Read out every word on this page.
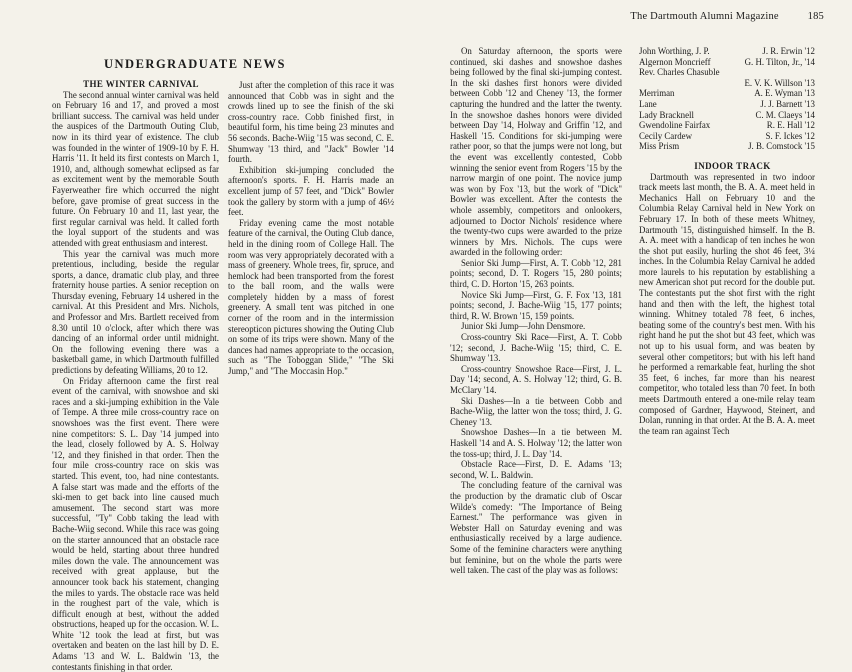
The Dartmouth Alumni Magazine	185
UNDERGRADUATE NEWS

THE WINTER CARNIVAL

The second annual winter carnival was held on February 16 and 17, and proved a most brilliant success. The carnival was held under the auspices of the Dartmouth Outing Club, now in its third year of existence. The club was founded in the winter of 1909-10 by F. H. Harris '11. It held its first contests on March 1, 1910, and, although somewhat eclipsed as far as excitement went by the memorable South Fayerweather fire which occurred the night before, gave promise of great success in the future. On February 10 and 11, last year, the first regular carnival was held. It called forth the loyal support of the students and was attended with great enthusiasm and interest.

This year the carnival was much more pretentious, including, beside the regular sports, a dance, dramatic club play, and three fraternity house parties. A senior reception on Thursday evening, February 14 ushered in the carnival. At this President and Mrs. Nichols, and Professor and Mrs. Bartlett received from 8.30 until 10 o'clock, after which there was dancing of an informal order until midnight. On the following evening there was a basketball game, in which Dartmouth fulfilled predictions by defeating Williams, 20 to 12.

On Friday afternoon came the first real event of the carnival, with snowshoe and ski races and a ski-jumping exhibition in the Vale of Tempe. A three mile cross-country race on snowshoes was the first event. There were nine competitors: S. L. Day '14 jumped into the lead, closely followed by A. S. Holway '12, and they finished in that order. Then the four mile cross-country race on skis was started. This event, too, had nine contestants. A false start was made and the efforts of the ski-men to get back into line caused much amusement. The second start was more successful, "Ty" Cobb taking the lead with Bache-Wiig second. While this race was going on the starter announced that an obstacle race would be held, starting about three hundred miles down the vale. The announcement was received with great applause, but the announcer took back his statement, changing the miles to yards. The obstacle race was held in the roughest part of the vale, which is difficult enough at best, without the added obstructions, heaped up for the occasion. W. L. White '12 took the lead at first, but was overtaken and beaten on the last hill by D. E. Adams '13 and W. L. Baldwin '13, the contestants finishing in that order.

Just after the completion of this race it was announced that Cobb was in sight and the crowds lined up to see the finish of the ski cross-country race. Cobb finished first, in beautiful form, his time being 23 minutes and 56 seconds. Bache-Wiig '15 was second, C. E. Shumway '13 third, and "Jack" Bowler '14 fourth.

Exhibition ski-jumping concluded the afternoon's sports. F. H. Harris made an excellent jump of 57 feet, and "Dick" Bowler took the gallery by storm with a jump of 46½ feet.

Friday evening came the most notable feature of the carnival, the Outing Club dance, held in the dining room of College Hall. The room was very appropriately decorated with a mass of greenery. Whole trees, fir, spruce, and hemlock had been transported from the forest to the ball room, and the walls were completely hidden by a mass of forest greenery. A small tent was pitched in one corner of the room and in the intermission stereopticon pictures showing the Outing Club on some of its trips were shown. Many of the dances had names appropriate to the occasion, such as "The Toboggan Slide," "The Ski Jump," and "The Moccasin Hop."

On Saturday afternoon, the sports were continued, ski dashes and snowshoe dashes being followed by the final ski-jumping contest. In the ski dashes first honors were divided between Cobb '12 and Cheney '13, the former capturing the hundred and the latter the twenty. In the snowshoe dashes honors were divided between Day '14, Holway and Griffin '12, and Haskell '15. Conditions for ski-jumping were rather poor, so that the jumps were not long, but the event was excellently contested, Cobb winning the senior event from Rogers '15 by the narrow margin of one point. The novice jump was won by Fox '13, but the work of "Dick" Bowler was excellent. After the contests the whole assembly, competitors and onlookers, adjourned to Doctor Nichols' residence where the twenty-two cups were awarded to the prize winners by Mrs. Nichols. The cups were awarded in the following order:

Senior Ski Jump—First, A. T. Cobb '12, 281 points; second, D. T. Rogers '15, 280 points; third, C. D. Horton '15, 263 points.

Novice Ski Jump—First, G. F. Fox '13, 181 points; second, J. Bache-Wiig '15, 177 points; third, R. W. Brown '15, 159 points.

Junior Ski Jump—John Densmore.

Cross-country Ski Race—First, A. T. Cobb '12; second, J. Bache-Wiig '15; third, C. E. Shumway '13.

Cross-country Snowshoe Race—First, J. L. Day '14; second, A. S. Holway '12; third, G. B. McClary '14.

Ski Dashes—In a tie between Cobb and Bache-Wiig, the latter won the toss; third, J. G. Cheney '13.

Snowshoe Dashes—In a tie between M. Haskell '14 and A. S. Holway '12; the latter won the toss-up; third, J. L. Day '14.

Obstacle Race—First, D. E. Adams '13; second, W. L. Baldwin.

The concluding feature of the carnival was the production by the dramatic club of Oscar Wilde's comedy: "The Importance of Being Earnest." The performance was given in Webster Hall on Saturday evening and was enthusiastically received by a large audience. Some of the feminine characters were anything but feminine, but on the whole the parts were well taken. The cast of the play was as follows:

John Worthing, J. P.	J. R. Erwin '12
Algernon Moncrieff	G. H. Tilton, Jr., '14
Rev. Charles Chasuble
E. V. K. Willson '13
Merriman	A. E. Wyman '13
Lane	J. J. Barnett '13
Lady Bracknell	C. M. Claeys '14
Gwendoline Fairfax	R. E. Hall '12
Cecily Cardew	S. F. Ickes '12
Miss Prism	J. B. Comstock '15

INDOOR TRACK

Dartmouth was represented in two indoor track meets last month, the B. A. A. meet held in Mechanics Hall on February 10 and the Columbia Relay Carnival held in New York on February 17. In both of these meets Whitney, Dartmouth '15, distinguished himself. In the B. A. A. meet with a handicap of ten inches he won the shot put easily, hurling the shot 46 feet, 3¼ inches. In the Columbia Relay Carnival he added more laurels to his reputation by establishing a new American shot put record for the double put. The contestants put the shot first with the right hand and then with the left, the highest total winning. Whitney totaled 78 feet, 6 inches, beating some of the country's best men. With his right hand he put the shot but 43 feet, which was not up to his usual form, and was beaten by several other competitors; but with his left hand he performed a remarkable feat, hurling the shot 35 feet, 6 inches, far more than his nearest competitor, who totaled less than 70 feet. In both meets Dartmouth entered a one-mile relay team composed of Gardner, Haywood, Steinert, and Dolan, running in that order. At the B. A. A. meet the team ran against Tech
